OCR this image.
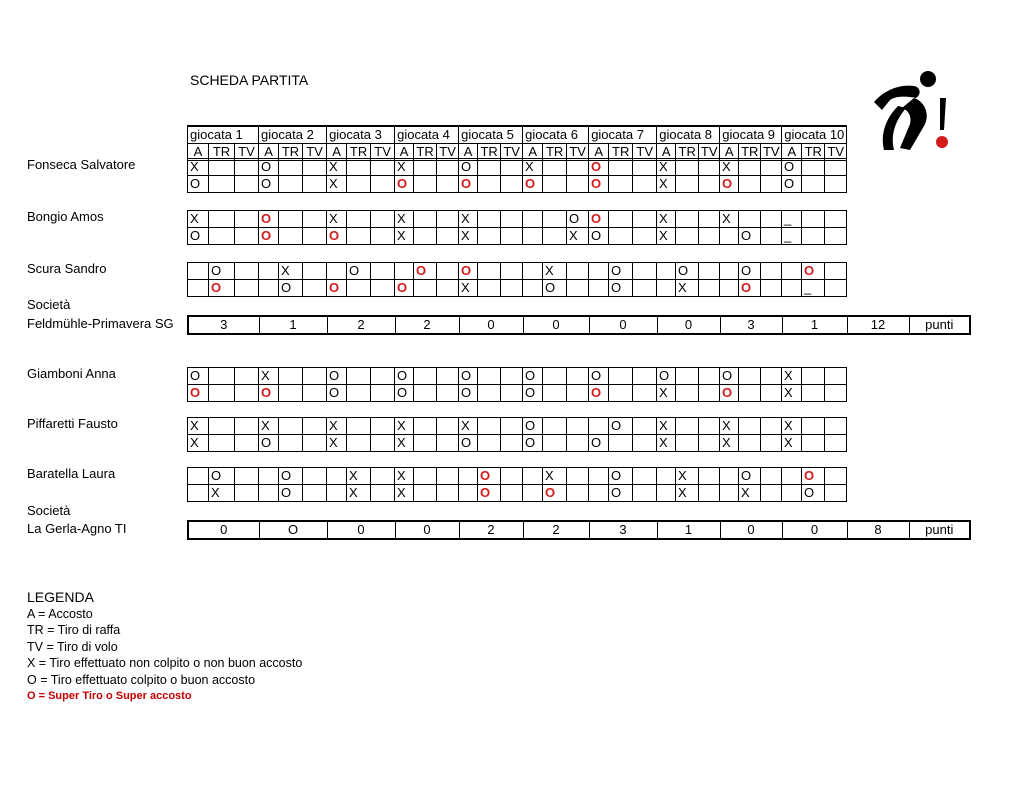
SCHEDA PARTITA
giocata 1			giocata 2			giocata 3			giocata 4			giocata 5			giocata 6			giocata 7			giocata 8			giocata 9			giocata 10		
A	TR	TV	A	TR	TV	A	TR	TV	A	TR	TV	A	TR	TV	A	TR	TV	A	TR	TV	A	TR	TV	A	TR	TV	A	TR	TV
Fonseca Salvatore	X			O			X			X			O			X			O			X			X			O		
O			O			X			O			O			O			O			X			O			O		
Bongio Amos	X			O			X			X			X					O	O			X			X			_		
O			O			O			X			X					X	O			X				O		_		
Scura Sandro
		O			X			O			O		O				X			O			O			O			O	
	O			O		O			O			X				O			O			X			O			_	
Società
Feldmühle-Primavera SG	3	1	2	2	0	0	0	0	3	1	12	punti
Giamboni Anna	O			X			O			O			O			O			O			O			O			X		
O			O			O			O			O			O			O			X			O			X		
Piffaretti Fausto	X			X			X			X			X			O				O		X			X			X		
X			O			X			X			O			O			O			X			X			X		
Baratella Laura
		O			O			X		X				O			X			O			X			O			O	
	X			O			X		X				O			O			O			X			X			O	
Società
La Gerla-Agno TI	0	O	0	0	2	2	3	1	0	0	8	punti
LEGENDA
A = Accosto
TR = Tiro di raffa
TV = Tiro di volo
X = Tiro effettuato non colpito o non buon accosto
O = Tiro effettuato colpito o buon accosto
O = Super Tiro o Super accosto
